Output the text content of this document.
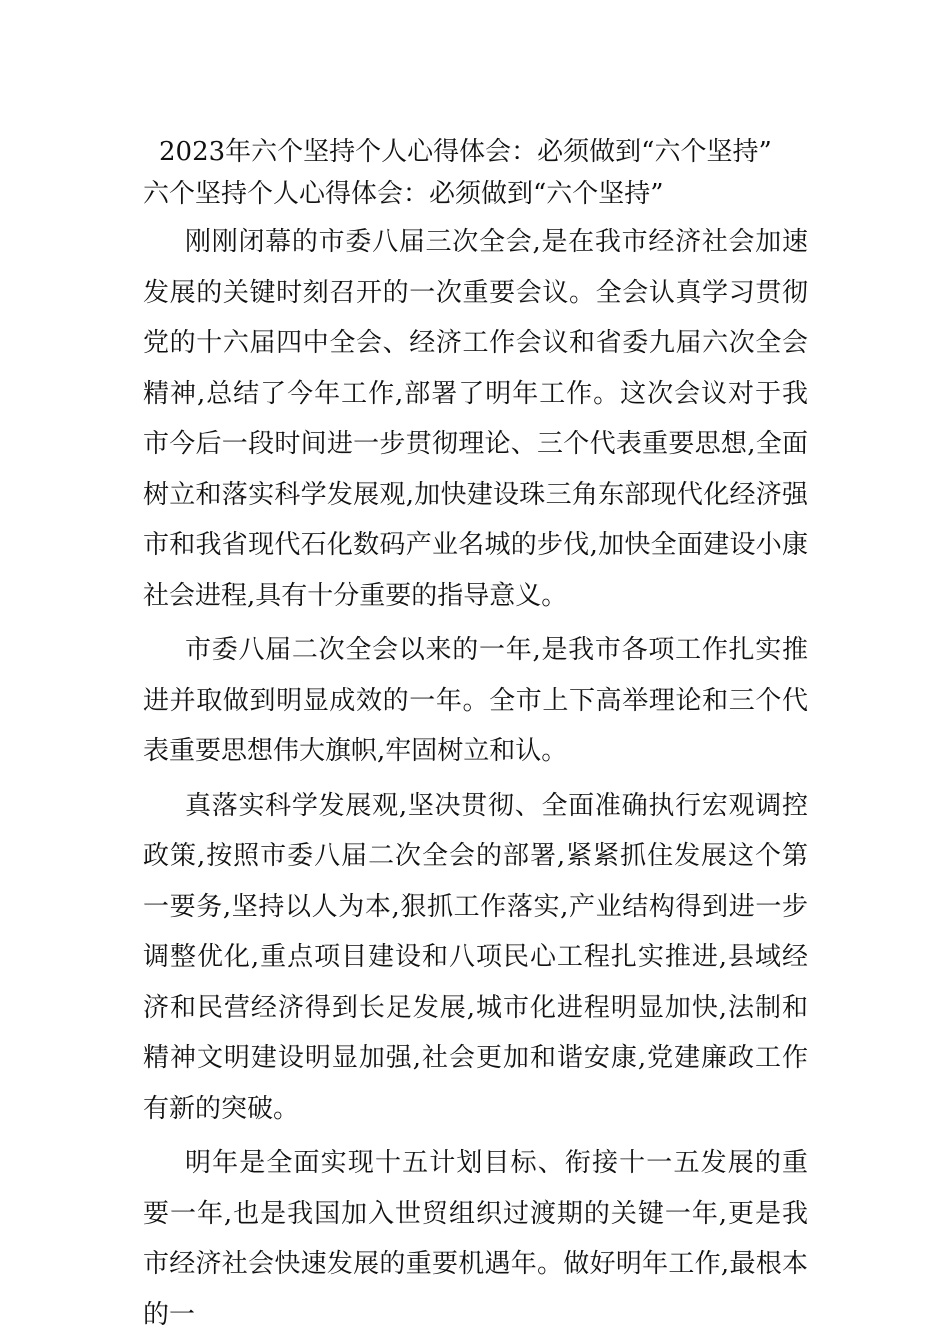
2023年六个坚持个人心得体会：必须做到“六个坚持”
六个坚持个人心得体会：必须做到“六个坚持”

刚刚闭幕的市委八届三次全会,是在我市经济社会加速发展的关键时刻召开的一次重要会议。全会认真学习贯彻党的十六届四中全会、经济工作会议和省委九届六次全会精神,总结了今年工作,部署了明年工作。这次会议对于我市今后一段时间进一步贯彻理论、三个代表重要思想,全面树立和落实科学发展观,加快建设珠三角东部现代化经济强市和我省现代石化数码产业名城的步伐,加快全面建设小康社会进程,具有十分重要的指导意义。

市委八届二次全会以来的一年,是我市各项工作扎实推进并取做到明显成效的一年。全市上下高举理论和三个代表重要思想伟大旗帜,牢固树立和认。

真落实科学发展观,坚决贯彻、全面准确执行宏观调控政策,按照市委八届二次全会的部署,紧紧抓住发展这个第一要务,坚持以人为本,狠抓工作落实,产业结构得到进一步调整优化,重点项目建设和八项民心工程扎实推进,县域经济和民营经济得到长足发展,城市化进程明显加快,法制和精神文明建设明显加强,社会更加和谐安康,党建廉政工作有新的突破。

明年是全面实现十五计划目标、衔接十一五发展的重要一年,也是我国加入世贸组织过渡期的关键一年,更是我市经济社会快速发展的重要机遇年。做好明年工作,最根本的一
